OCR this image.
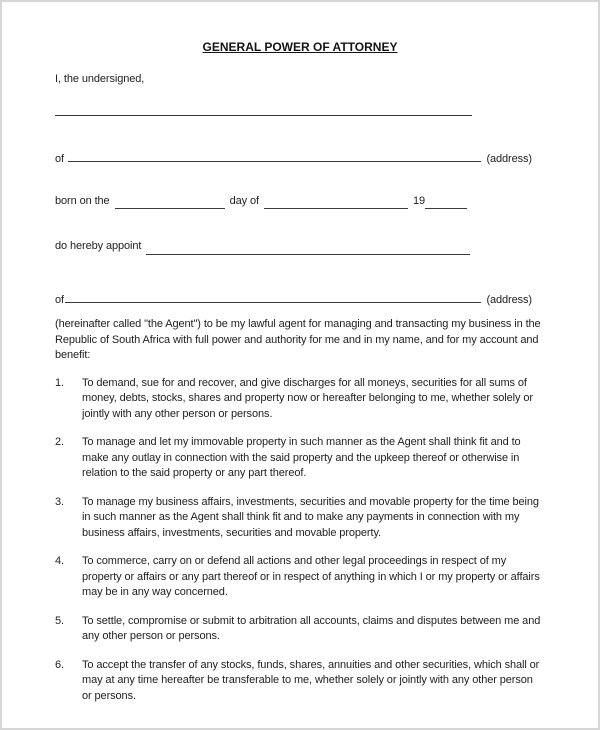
GENERAL POWER OF ATTORNEY

I, the undersigned,

of	(address)
born on the	day of	19
do hereby appoint
of	(address)

(hereinafter called "the Agent") to be my lawful agent for managing and transacting my business in the Republic of South Africa with full power and authority for me and in my name, and for my account and benefit:

1.	To demand, sue for and recover, and give discharges for all moneys, securities for all sums of money, debts, stocks, shares and property now or hereafter belonging to me, whether solely or jointly with any other person or persons.
2.	To manage and let my immovable property in such manner as the Agent shall think fit and to make any outlay in connection with the said property and the upkeep thereof or otherwise in relation to the said property or any part thereof.
3.	To manage my business affairs, investments, securities and movable property for the time being in such manner as the Agent shall think fit and to make any payments in connection with my business affairs, investments, securities and movable property.
4.	To commerce, carry on or defend all actions and other legal proceedings in respect of my property or affairs or any part thereof or in respect of anything in which I or my property or affairs may be in any way concerned.
5.	To settle, compromise or submit to arbitration all accounts, claims and disputes between me and any other person or persons.
6.	To accept the transfer of any stocks, funds, shares, annuities and other securities, which shall or may at any time hereafter be transferable to me, whether solely or jointly with any other person or persons.
